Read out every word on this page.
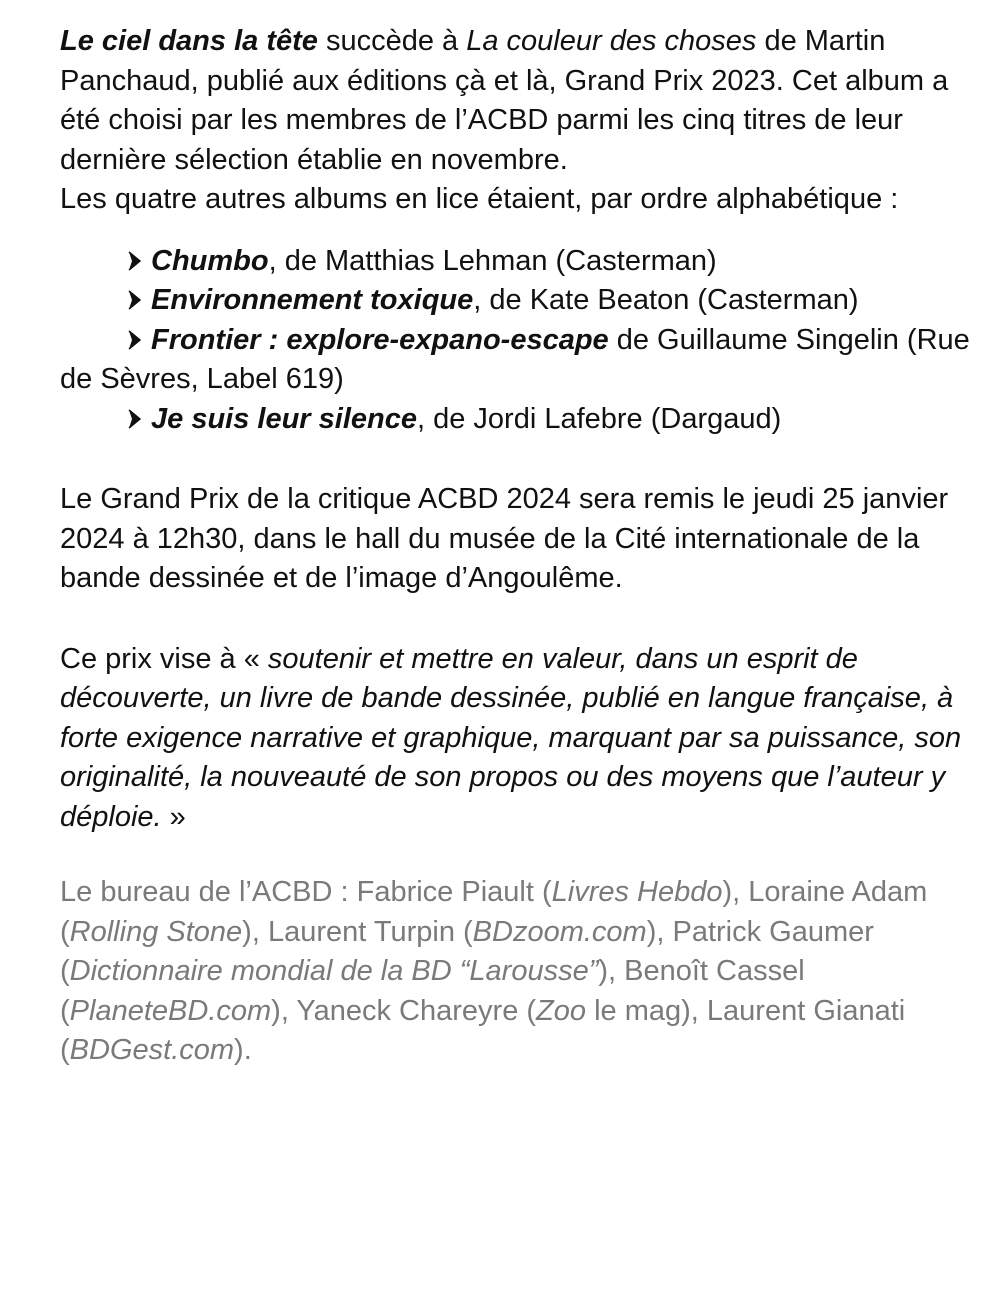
Le ciel dans la tête succède à La couleur des choses de Martin Panchaud, publié aux éditions çà et là, Grand Prix 2023. Cet album a été choisi par les membres de l’ACBD parmi les cinq titres de leur dernière sélection établie en novembre.

Les quatre autres albums en lice étaient, par ordre alphabétique :

Chumbo, de Matthias Lehman (Casterman)

Environnement toxique, de Kate Beaton (Casterman)

Frontier : explore-expano-escape de Guillaume Singelin (Rue de Sèvres, Label 619)

Je suis leur silence, de Jordi Lafebre (Dargaud)

Le Grand Prix de la critique ACBD 2024 sera remis le jeudi 25 janvier 2024 à 12h30, dans le hall du musée de la Cité internationale de la bande dessinée et de l’image d’Angoulême.

Ce prix vise à « soutenir et mettre en valeur, dans un esprit de découverte, un livre de bande dessinée, publié en langue française, à forte exigence narrative et graphique, marquant par sa puissance, son originalité, la nouveauté de son propos ou des moyens que l’auteur y déploie. »

Le bureau de l’ACBD : Fabrice Piault (Livres Hebdo), Loraine Adam (Rolling Stone), Laurent Turpin (BDzoom.com), Patrick Gaumer (Dictionnaire mondial de la BD “Larousse”), Benoît Cassel (PlaneteBD.com), Yaneck Chareyre (Zoo le mag), Laurent Gianati (BDGest.com).
